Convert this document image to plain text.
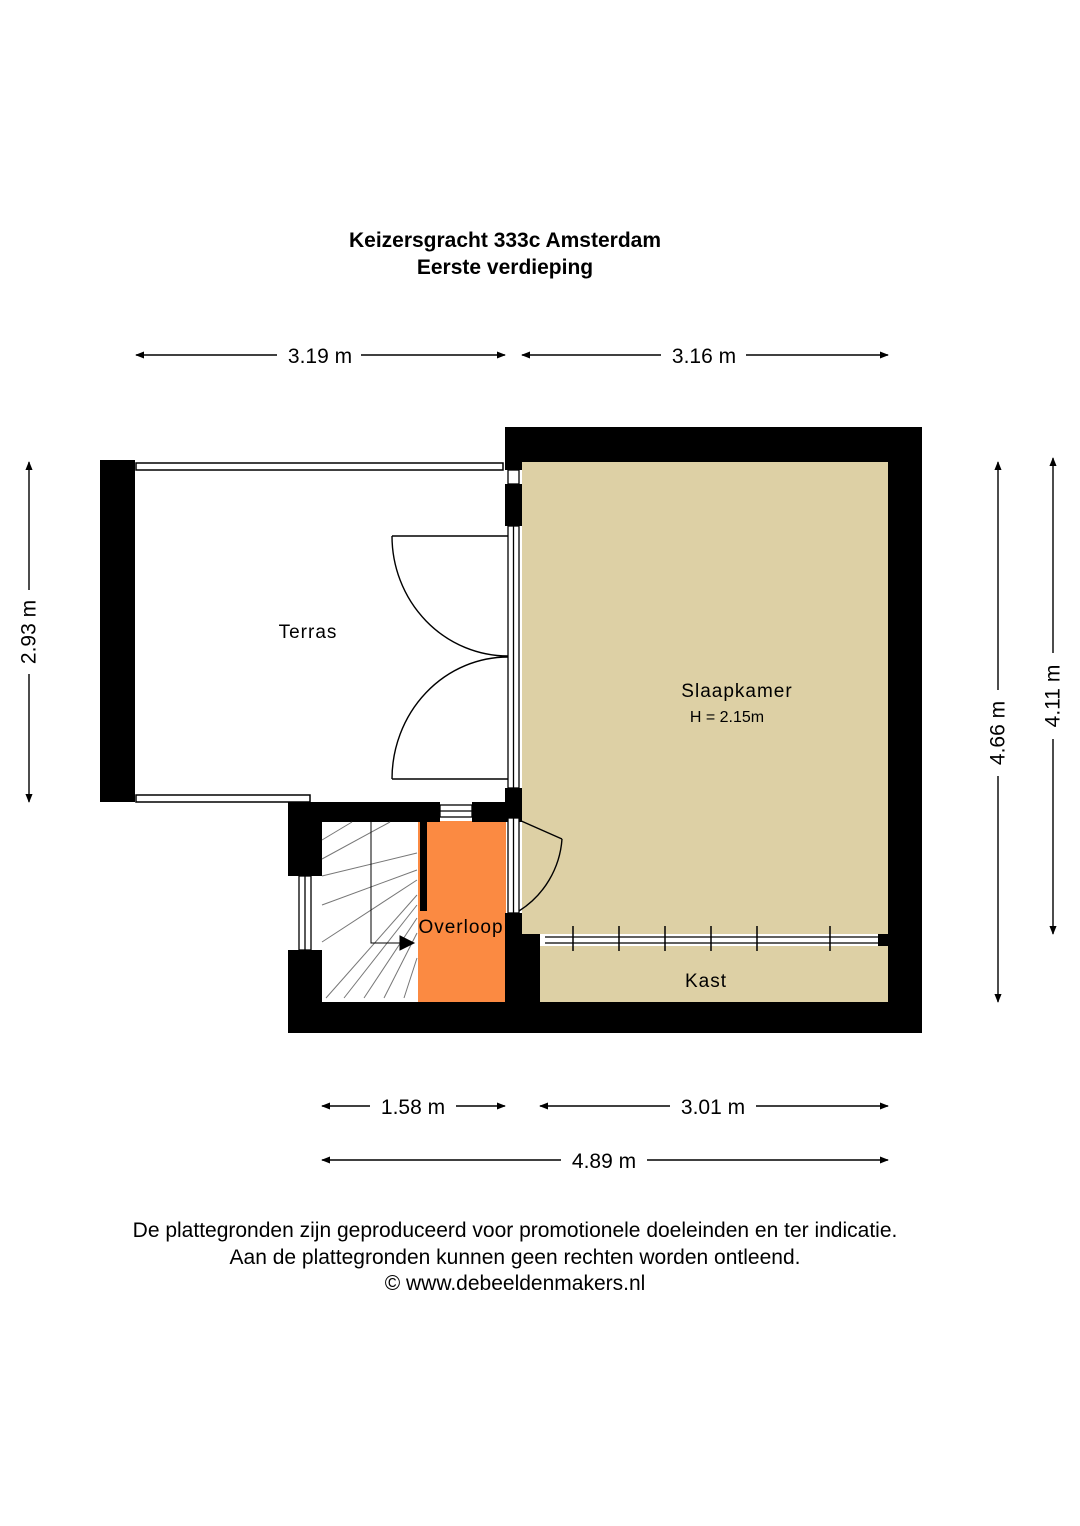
Keizersgracht 333c Amsterdam
Eerste verdieping
Terras
Slaapkamer
H = 2.15m
Overloop
Kast
3.19 m	3.16 m
2.93 m
4.66 m
4.11 m
1.58 m	3.01 m
4.89 m
De plattegronden zijn geproduceerd voor promotionele doeleinden en ter indicatie.
Aan de plattegronden kunnen geen rechten worden ontleend.
© www.debeeldenmakers.nl
